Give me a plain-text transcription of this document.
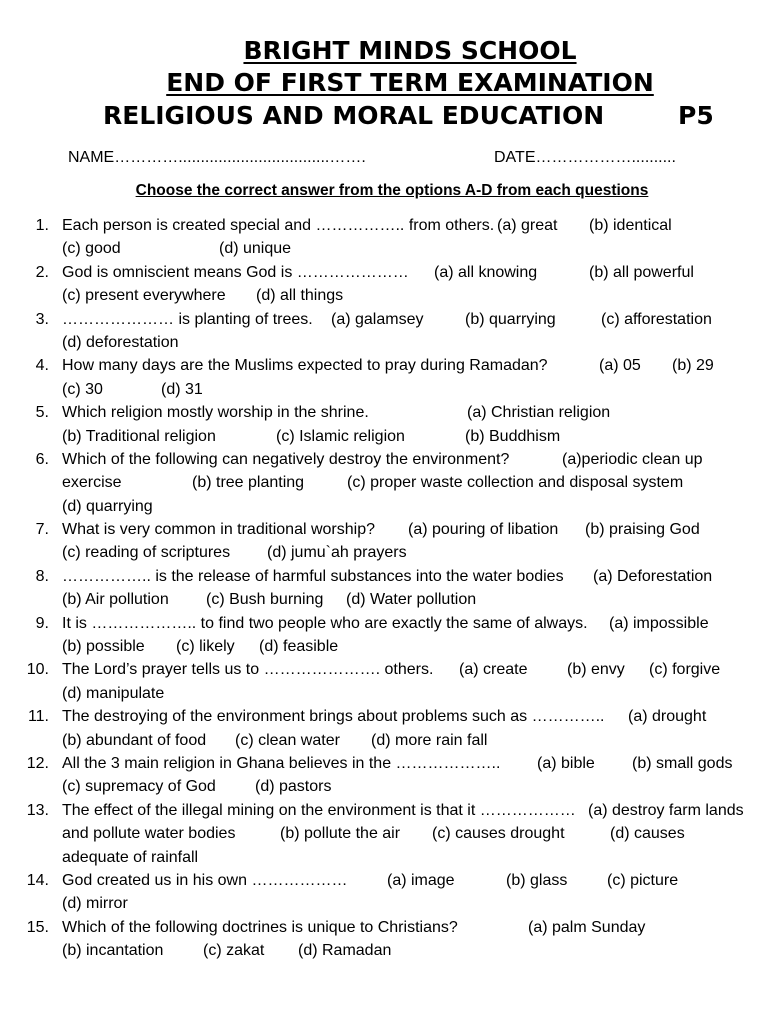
BRIGHT MINDS SCHOOL
END OF FIRST TERM EXAMINATION
RELIGIOUS AND MORAL EDUCATION	P5
NAME…………..................................…….	DATE………………..........
Choose the correct answer from the options A-D from each questions
1. Each person is created special and …………….. from others. (a) great (b) identical
(c) good	(d) unique
2. God is omniscient means God is ………………… (a) all knowing	(b) all powerful
(c) present everywhere (d) all things
3. ………………… is planting of trees. (a) galamsey	(b) quarrying	(c) afforestation
(d) deforestation
4. How many days are the Muslims expected to pray during Ramadan?	(a) 05 (b) 29
(c) 30	(d) 31
5. Which religion mostly worship in the shrine.	(a) Christian religion
(b) Traditional religion	(c) Islamic religion	(b) Buddhism
6. Which of the following can negatively destroy the environment?	(a)periodic clean up
exercise	(b) tree planting	(c) proper waste collection and disposal system
(d) quarrying
7. What is very common in traditional worship? (a) pouring of libation (b) praising God
(c) reading of scriptures (d) jumu`ah prayers
8. …………….. is the release of harmful substances into the water bodies (a) Deforestation
(b) Air pollution (c) Bush burning (d) Water pollution
9. It is ……………….. to find two people who are exactly the same of always. (a) impossible
(b) possible (c) likely (d) feasible
10. The Lord’s prayer tells us to …………………. others. (a) create (b) envy (c) forgive
(d) manipulate
11. The destroying of the environment brings about problems such as ………….. (a) drought
(b) abundant of food (c) clean water (d) more rain fall
12. All the 3 main religion in Ghana believes in the ……………….. (a) bible (b) small gods
(c) supremacy of God (d) pastors
13. The effect of the illegal mining on the environment is that it ……………… (a) destroy farm lands
and pollute water bodies	(b) pollute the air (c) causes drought	(d) causes
adequate of rainfall
14. God created us in his own ……………… (a) image	(b) glass (c) picture
(d) mirror
15. Which of the following doctrines is unique to Christians?	(a) palm Sunday
(b) incantation (c) zakat (d) Ramadan
